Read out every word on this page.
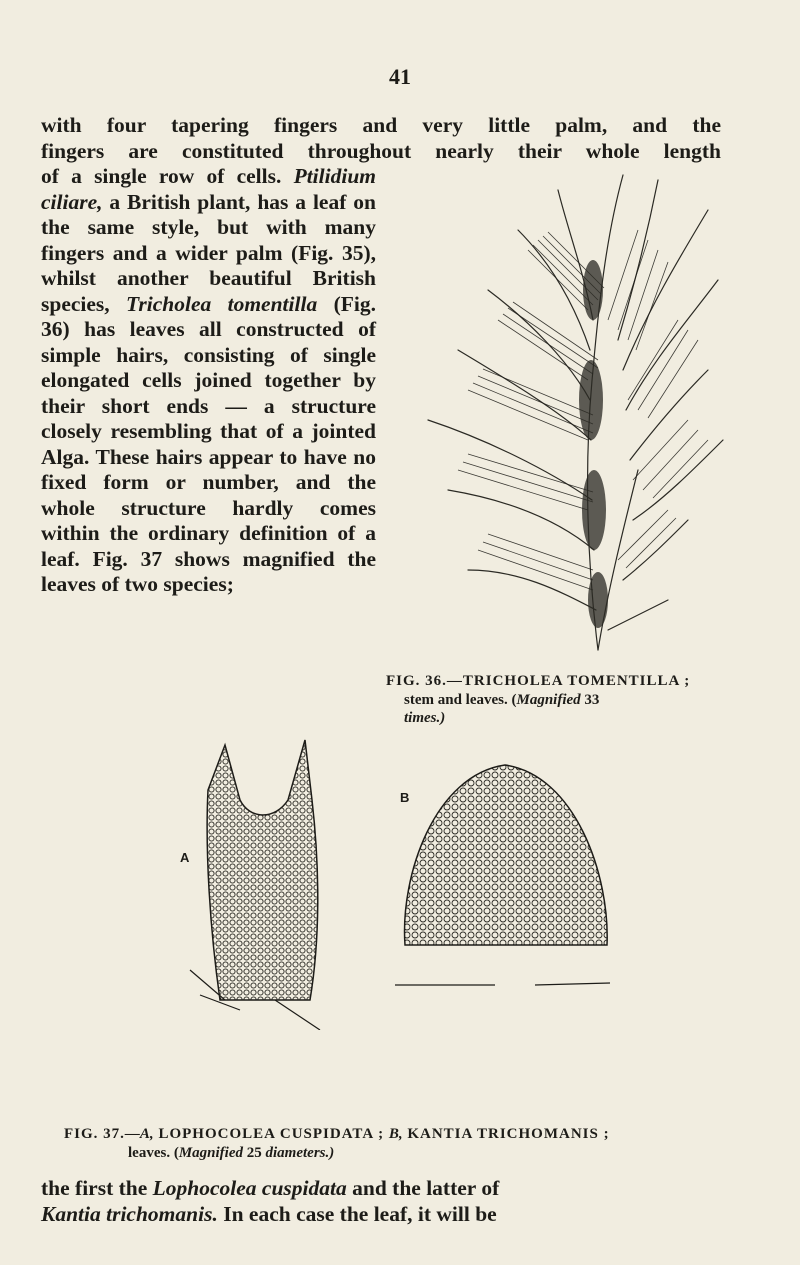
41

with four tapering fingers and very little palm, and the
fingers are constituted throughout nearly their whole length

of a single row of cells. Ptilidium ciliare, a British plant, has a leaf on the same style, but with many fingers and a wider palm (Fig. 35), whilst another beautiful British species, Tricholea tomentilla (Fig. 36) has leaves all constructed of simple hairs, consisting of single elongated cells joined together by their short ends — a structure closely resembling that of a jointed Alga. These hairs appear to have no fixed form or number, and the whole structure hardly comes within the ordinary definition of a leaf. Fig. 37 shows magnified the leaves of two species;

FIG. 36.—TRICHOLEA TOMENTILLA ;
stem and leaves. (Magnified 33
times.)
A
B
FIG. 37.—A, LOPHOCOLEA CUSPIDATA ; B, KANTIA TRICHOMANIS ;
leaves. (Magnified 25 diameters.)

the first the Lophocolea cuspidata and the latter of
Kantia trichomanis. In each case the leaf, it will be
